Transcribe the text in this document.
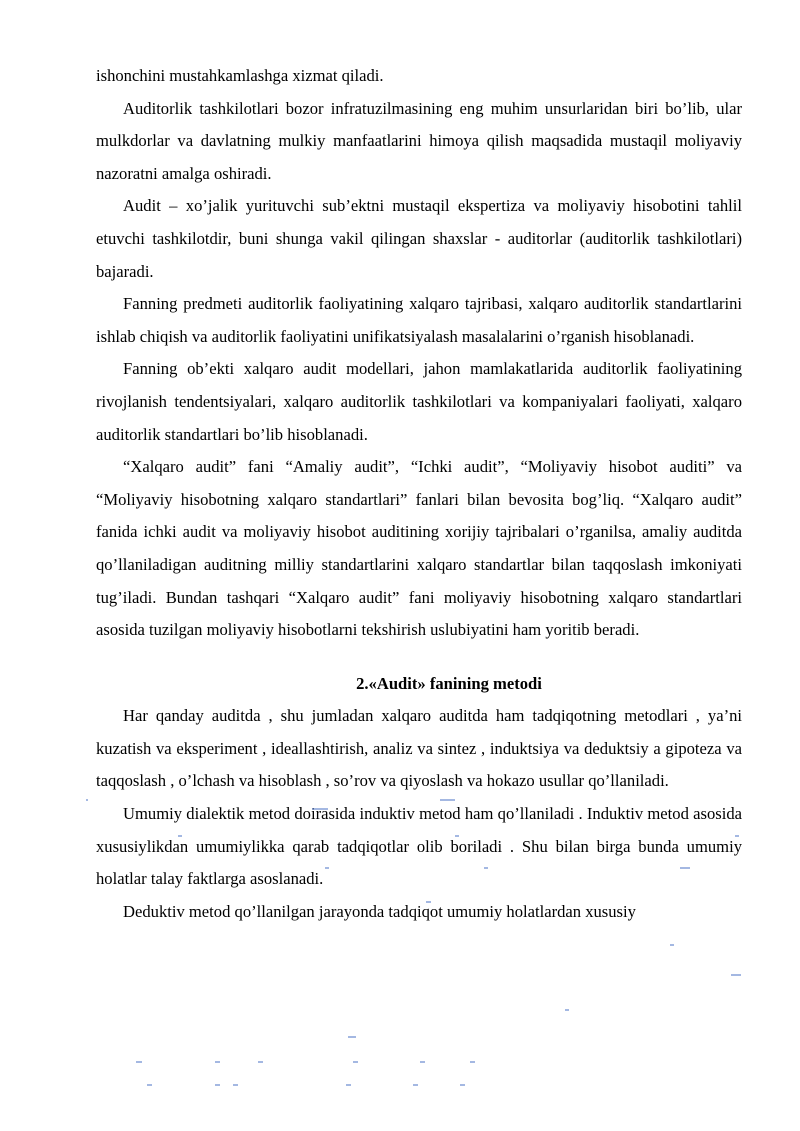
ishonchini mustahkamlashga xizmat qiladi.

Auditorlik tashkilotlari bozor infratuzilmasining eng muhim unsurlaridan biri bo’lib, ular mulkdorlar va davlatning mulkiy manfaatlarini himoya qilish maqsadida mustaqil moliyaviy nazoratni amalga oshiradi.

Audit – xo’jalik yurituvchi sub’ektni mustaqil ekspertiza va moliyaviy hisobotini tahlil etuvchi tashkilotdir, buni shunga vakil qilingan shaxslar - auditorlar (auditorlik tashkilotlari) bajaradi.

Fanning predmeti auditorlik faoliyatining xalqaro tajribasi, xalqaro auditorlik standartlarini ishlab chiqish va auditorlik faoliyatini unifikatsiyalash masalalarini o’rganish hisoblanadi.

Fanning ob’ekti xalqaro audit modellari, jahon mamlakatlarida auditorlik faoliyatining rivojlanish tendentsiyalari, xalqaro auditorlik tashkilotlari va kompaniyalari faoliyati, xalqaro auditorlik standartlari bo’lib hisoblanadi.

“Xalqaro audit” fani “Amaliy audit”, “Ichki audit”, “Moliyaviy hisobot auditi” va “Moliyaviy hisobotning xalqaro standartlari” fanlari bilan bevosita bog’liq. “Xalqaro audit” fanida ichki audit va moliyaviy hisobot auditining xorijiy tajribalari o’rganilsa, amaliy auditda qo’llaniladigan auditning milliy standartlarini xalqaro standartlar bilan taqqoslash imkoniyati tug’iladi. Bundan tashqari “Xalqaro audit” fani moliyaviy hisobotning xalqaro standartlari asosida tuzilgan moliyaviy hisobotlarni tekshirish uslubiyatini ham yoritib beradi.

2.«Audit» fanining metodi

Har qanday auditda , shu jumladan xalqaro auditda ham tadqiqotning metodlari , ya’ni kuzatish va eksperiment , ideallashtirish, analiz va sintez , induktsiya va deduktsiy a gipoteza va taqqoslash , o’lchash va hisoblash , so’rov va qiyoslash va hokazo usullar qo’llaniladi.

Umumiy dialektik metod doirasida induktiv metod ham qo’llaniladi . Induktiv metod asosida xususiylikdan umumiylikka qarab tadqiqotlar olib boriladi . Shu bilan birga bunda umumiy holatlar talay faktlarga asoslanadi.

Deduktiv metod qo’llanilgan jarayonda tadqiqot umumiy holatlardan xususiy
